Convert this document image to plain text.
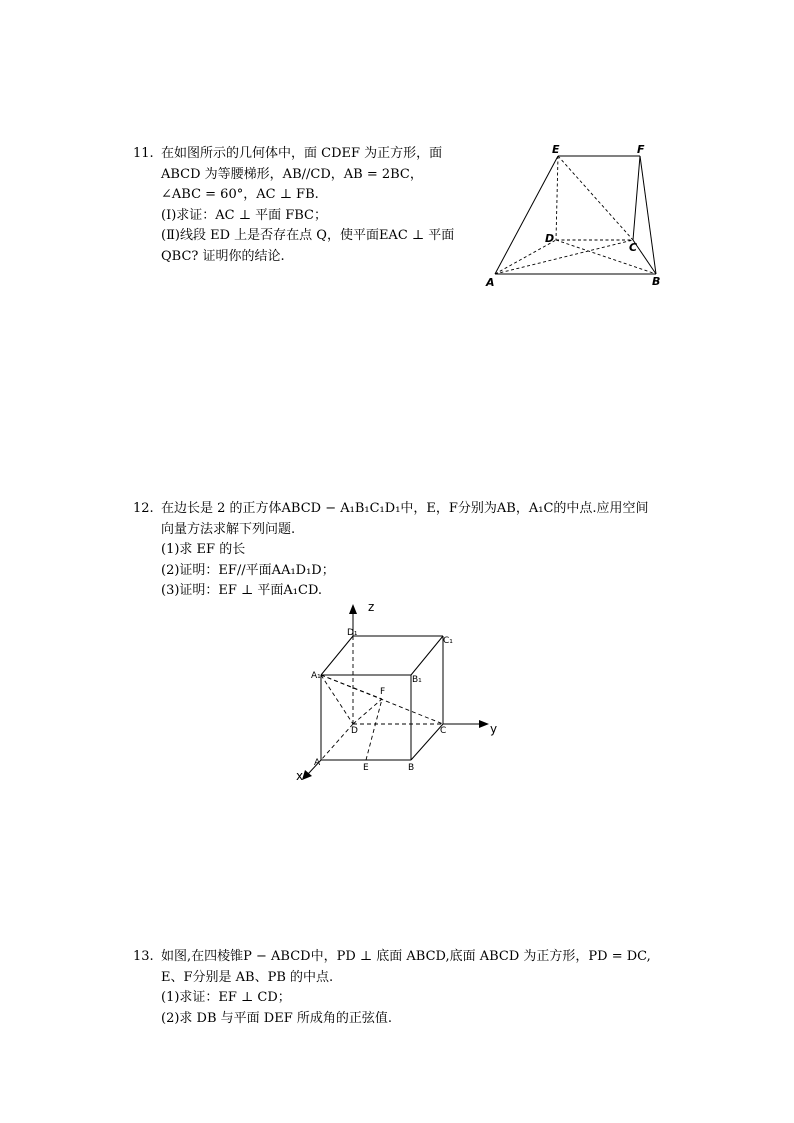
11. 在如图所示的几何体中，面 CDEF 为正方形，面
ABCD 为等腰梯形，AB//CD，AB = 2BC，
∠ABC = 60°，AC ⊥ FB.
(Ⅰ)求证：AC ⊥ 平面 FBC；
(Ⅱ)线段 ED 上是否存在点 Q，使平面EAC ⊥ 平面
QBC? 证明你的结论.
E	F
D
C
A	B
12. 在边长是 2 的正方体ABCD − A₁B₁C₁D₁中，E，F分别为AB，A₁C的中点.应用空间
向量方法求解下列问题.
(1)求 EF 的长
(2)证明：EF//平面AA₁D₁D；
(3)证明：EF ⊥ 平面A₁CD.
z
y
x
D₁
C₁
A₁	B₁
F
D	C
A	E	B
13. 如图,在四棱锥P − ABCD中，PD ⊥ 底面 ABCD,底面 ABCD 为正方形，PD = DC,
E、F分别是 AB、PB 的中点.
(1)求证：EF ⊥ CD；
(2)求 DB 与平面 DEF 所成角的正弦值.
